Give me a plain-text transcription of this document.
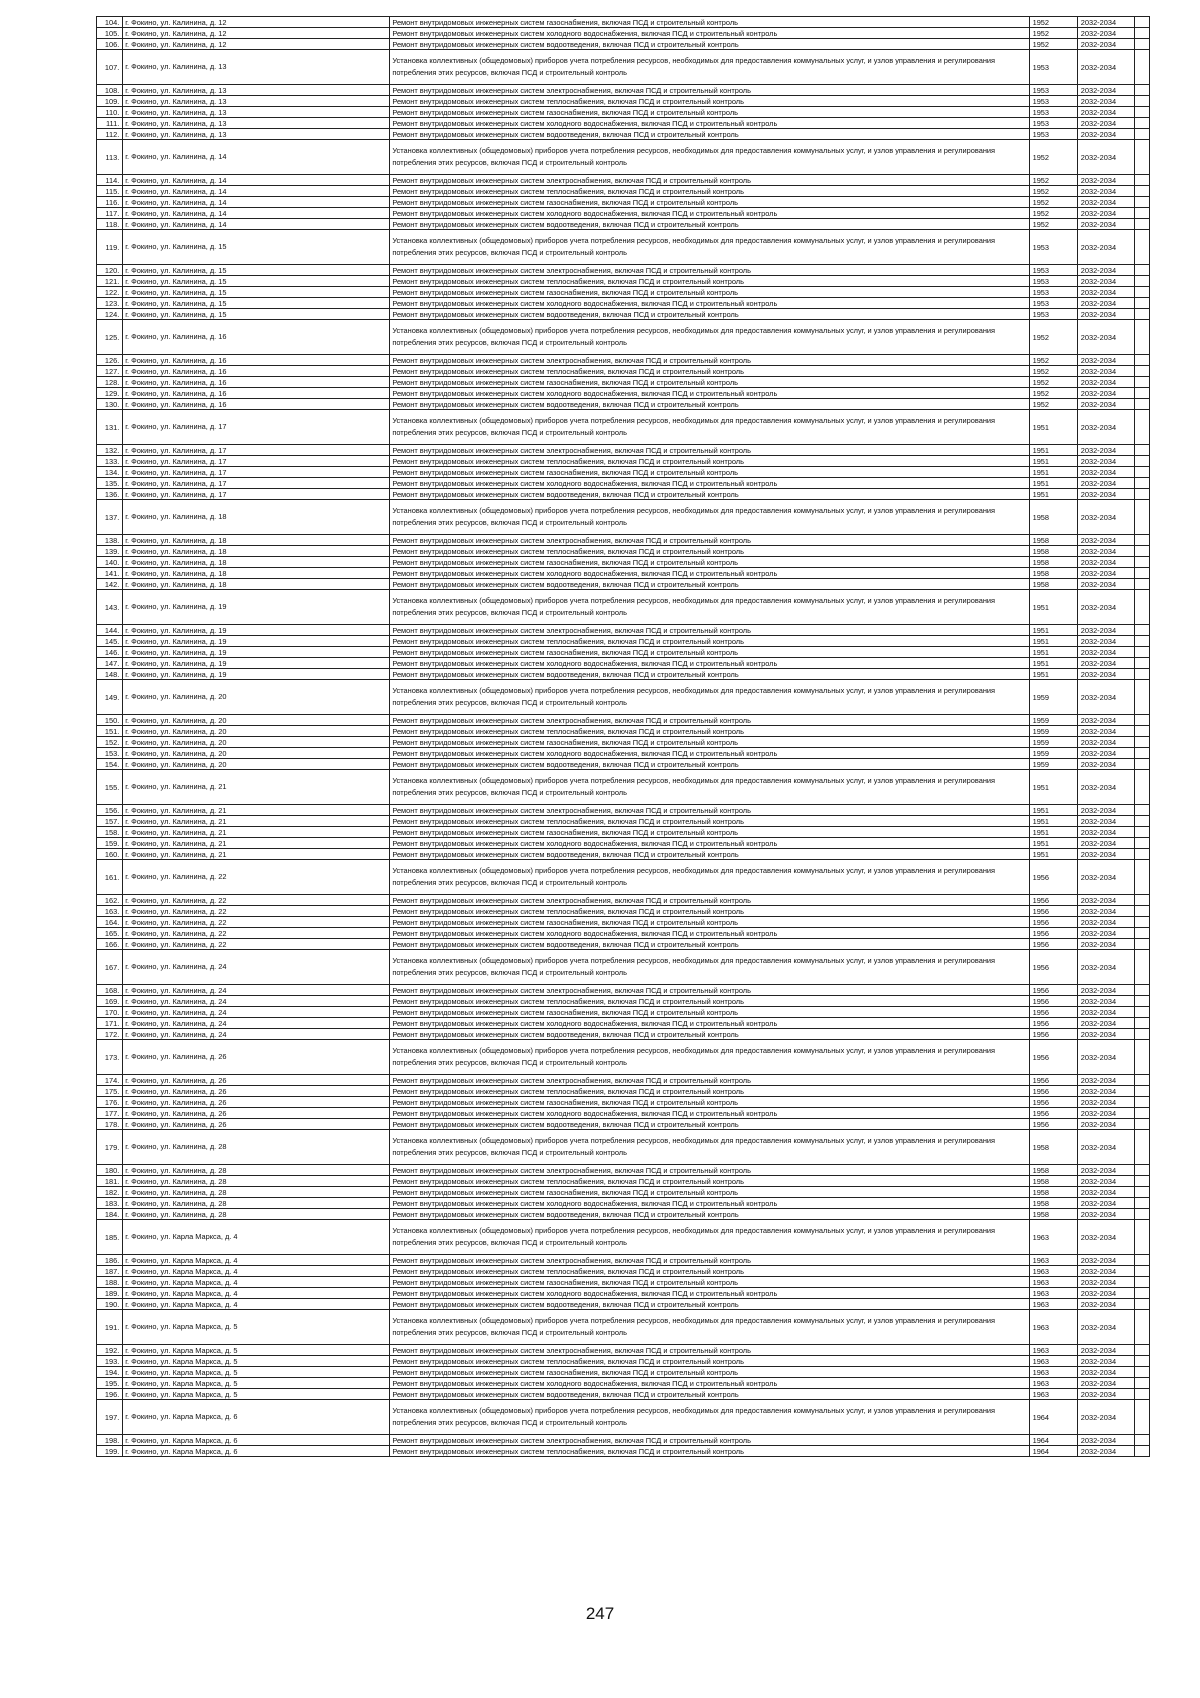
104.	г. Фокино, ул. Калинина, д. 12	Ремонт внутридомовых инженерных систем газоснабжения, включая ПСД и строительный контроль	1952	2032-2034	
105.	г. Фокино, ул. Калинина, д. 12	Ремонт внутридомовых инженерных систем холодного водоснабжения, включая ПСД и строительный контроль	1952	2032-2034	
106.	г. Фокино, ул. Калинина, д. 12	Ремонт внутридомовых инженерных систем водоотведения, включая ПСД и строительный контроль	1952	2032-2034	
107.	г. Фокино, ул. Калинина, д. 13	Установка коллективных (общедомовых) приборов учета потребления ресурсов, необходимых для предоставления коммунальных услуг, и узлов управления и регулирования потребления этих ресурсов, включая ПСД и строительный контроль	1953	2032-2034	
108.	г. Фокино, ул. Калинина, д. 13	Ремонт внутридомовых инженерных систем электроснабжения, включая ПСД и строительный контроль	1953	2032-2034	
109.	г. Фокино, ул. Калинина, д. 13	Ремонт внутридомовых инженерных систем теплоснабжения, включая ПСД и строительный контроль	1953	2032-2034	
110.	г. Фокино, ул. Калинина, д. 13	Ремонт внутридомовых инженерных систем газоснабжения, включая ПСД и строительный контроль	1953	2032-2034	
111.	г. Фокино, ул. Калинина, д. 13	Ремонт внутридомовых инженерных систем холодного водоснабжения, включая ПСД и строительный контроль	1953	2032-2034	
112.	г. Фокино, ул. Калинина, д. 13	Ремонт внутридомовых инженерных систем водоотведения, включая ПСД и строительный контроль	1953	2032-2034	
113.	г. Фокино, ул. Калинина, д. 14	Установка коллективных (общедомовых) приборов учета потребления ресурсов, необходимых для предоставления коммунальных услуг, и узлов управления и регулирования потребления этих ресурсов, включая ПСД и строительный контроль	1952	2032-2034	
114.	г. Фокино, ул. Калинина, д. 14	Ремонт внутридомовых инженерных систем электроснабжения, включая ПСД и строительный контроль	1952	2032-2034	
115.	г. Фокино, ул. Калинина, д. 14	Ремонт внутридомовых инженерных систем теплоснабжения, включая ПСД и строительный контроль	1952	2032-2034	
116.	г. Фокино, ул. Калинина, д. 14	Ремонт внутридомовых инженерных систем газоснабжения, включая ПСД и строительный контроль	1952	2032-2034	
117.	г. Фокино, ул. Калинина, д. 14	Ремонт внутридомовых инженерных систем холодного водоснабжения, включая ПСД и строительный контроль	1952	2032-2034	
118.	г. Фокино, ул. Калинина, д. 14	Ремонт внутридомовых инженерных систем водоотведения, включая ПСД и строительный контроль	1952	2032-2034	
119.	г. Фокино, ул. Калинина, д. 15	Установка коллективных (общедомовых) приборов учета потребления ресурсов, необходимых для предоставления коммунальных услуг, и узлов управления и регулирования потребления этих ресурсов, включая ПСД и строительный контроль	1953	2032-2034	
120.	г. Фокино, ул. Калинина, д. 15	Ремонт внутридомовых инженерных систем электроснабжения, включая ПСД и строительный контроль	1953	2032-2034	
121.	г. Фокино, ул. Калинина, д. 15	Ремонт внутридомовых инженерных систем теплоснабжения, включая ПСД и строительный контроль	1953	2032-2034	
122.	г. Фокино, ул. Калинина, д. 15	Ремонт внутридомовых инженерных систем газоснабжения, включая ПСД и строительный контроль	1953	2032-2034	
123.	г. Фокино, ул. Калинина, д. 15	Ремонт внутридомовых инженерных систем холодного водоснабжения, включая ПСД и строительный контроль	1953	2032-2034	
124.	г. Фокино, ул. Калинина, д. 15	Ремонт внутридомовых инженерных систем водоотведения, включая ПСД и строительный контроль	1953	2032-2034	
125.	г. Фокино, ул. Калинина, д. 16	Установка коллективных (общедомовых) приборов учета потребления ресурсов, необходимых для предоставления коммунальных услуг, и узлов управления и регулирования потребления этих ресурсов, включая ПСД и строительный контроль	1952	2032-2034	
126.	г. Фокино, ул. Калинина, д. 16	Ремонт внутридомовых инженерных систем электроснабжения, включая ПСД и строительный контроль	1952	2032-2034	
127.	г. Фокино, ул. Калинина, д. 16	Ремонт внутридомовых инженерных систем теплоснабжения, включая ПСД и строительный контроль	1952	2032-2034	
128.	г. Фокино, ул. Калинина, д. 16	Ремонт внутридомовых инженерных систем газоснабжения, включая ПСД и строительный контроль	1952	2032-2034	
129.	г. Фокино, ул. Калинина, д. 16	Ремонт внутридомовых инженерных систем холодного водоснабжения, включая ПСД и строительный контроль	1952	2032-2034	
130.	г. Фокино, ул. Калинина, д. 16	Ремонт внутридомовых инженерных систем водоотведения, включая ПСД и строительный контроль	1952	2032-2034	
131.	г. Фокино, ул. Калинина, д. 17	Установка коллективных (общедомовых) приборов учета потребления ресурсов, необходимых для предоставления коммунальных услуг, и узлов управления и регулирования потребления этих ресурсов, включая ПСД и строительный контроль	1951	2032-2034	
132.	г. Фокино, ул. Калинина, д. 17	Ремонт внутридомовых инженерных систем электроснабжения, включая ПСД и строительный контроль	1951	2032-2034	
133.	г. Фокино, ул. Калинина, д. 17	Ремонт внутридомовых инженерных систем теплоснабжения, включая ПСД и строительный контроль	1951	2032-2034	
134.	г. Фокино, ул. Калинина, д. 17	Ремонт внутридомовых инженерных систем газоснабжения, включая ПСД и строительный контроль	1951	2032-2034	
135.	г. Фокино, ул. Калинина, д. 17	Ремонт внутридомовых инженерных систем холодного водоснабжения, включая ПСД и строительный контроль	1951	2032-2034	
136.	г. Фокино, ул. Калинина, д. 17	Ремонт внутридомовых инженерных систем водоотведения, включая ПСД и строительный контроль	1951	2032-2034	
137.	г. Фокино, ул. Калинина, д. 18	Установка коллективных (общедомовых) приборов учета потребления ресурсов, необходимых для предоставления коммунальных услуг, и узлов управления и регулирования потребления этих ресурсов, включая ПСД и строительный контроль	1958	2032-2034	
138.	г. Фокино, ул. Калинина, д. 18	Ремонт внутридомовых инженерных систем электроснабжения, включая ПСД и строительный контроль	1958	2032-2034	
139.	г. Фокино, ул. Калинина, д. 18	Ремонт внутридомовых инженерных систем теплоснабжения, включая ПСД и строительный контроль	1958	2032-2034	
140.	г. Фокино, ул. Калинина, д. 18	Ремонт внутридомовых инженерных систем газоснабжения, включая ПСД и строительный контроль	1958	2032-2034	
141.	г. Фокино, ул. Калинина, д. 18	Ремонт внутридомовых инженерных систем холодного водоснабжения, включая ПСД и строительный контроль	1958	2032-2034	
142.	г. Фокино, ул. Калинина, д. 18	Ремонт внутридомовых инженерных систем водоотведения, включая ПСД и строительный контроль	1958	2032-2034	
143.	г. Фокино, ул. Калинина, д. 19	Установка коллективных (общедомовых) приборов учета потребления ресурсов, необходимых для предоставления коммунальных услуг, и узлов управления и регулирования потребления этих ресурсов, включая ПСД и строительный контроль	1951	2032-2034	
144.	г. Фокино, ул. Калинина, д. 19	Ремонт внутридомовых инженерных систем электроснабжения, включая ПСД и строительный контроль	1951	2032-2034	
145.	г. Фокино, ул. Калинина, д. 19	Ремонт внутридомовых инженерных систем теплоснабжения, включая ПСД и строительный контроль	1951	2032-2034	
146.	г. Фокино, ул. Калинина, д. 19	Ремонт внутридомовых инженерных систем газоснабжения, включая ПСД и строительный контроль	1951	2032-2034	
147.	г. Фокино, ул. Калинина, д. 19	Ремонт внутридомовых инженерных систем холодного водоснабжения, включая ПСД и строительный контроль	1951	2032-2034	
148.	г. Фокино, ул. Калинина, д. 19	Ремонт внутридомовых инженерных систем водоотведения, включая ПСД и строительный контроль	1951	2032-2034	
149.	г. Фокино, ул. Калинина, д. 20	Установка коллективных (общедомовых) приборов учета потребления ресурсов, необходимых для предоставления коммунальных услуг, и узлов управления и регулирования потребления этих ресурсов, включая ПСД и строительный контроль	1959	2032-2034	
150.	г. Фокино, ул. Калинина, д. 20	Ремонт внутридомовых инженерных систем электроснабжения, включая ПСД и строительный контроль	1959	2032-2034	
151.	г. Фокино, ул. Калинина, д. 20	Ремонт внутридомовых инженерных систем теплоснабжения, включая ПСД и строительный контроль	1959	2032-2034	
152.	г. Фокино, ул. Калинина, д. 20	Ремонт внутридомовых инженерных систем газоснабжения, включая ПСД и строительный контроль	1959	2032-2034	
153.	г. Фокино, ул. Калинина, д. 20	Ремонт внутридомовых инженерных систем холодного водоснабжения, включая ПСД и строительный контроль	1959	2032-2034	
154.	г. Фокино, ул. Калинина, д. 20	Ремонт внутридомовых инженерных систем водоотведения, включая ПСД и строительный контроль	1959	2032-2034	
155.	г. Фокино, ул. Калинина, д. 21	Установка коллективных (общедомовых) приборов учета потребления ресурсов, необходимых для предоставления коммунальных услуг, и узлов управления и регулирования потребления этих ресурсов, включая ПСД и строительный контроль	1951	2032-2034	
156.	г. Фокино, ул. Калинина, д. 21	Ремонт внутридомовых инженерных систем электроснабжения, включая ПСД и строительный контроль	1951	2032-2034	
157.	г. Фокино, ул. Калинина, д. 21	Ремонт внутридомовых инженерных систем теплоснабжения, включая ПСД и строительный контроль	1951	2032-2034	
158.	г. Фокино, ул. Калинина, д. 21	Ремонт внутридомовых инженерных систем газоснабжения, включая ПСД и строительный контроль	1951	2032-2034	
159.	г. Фокино, ул. Калинина, д. 21	Ремонт внутридомовых инженерных систем холодного водоснабжения, включая ПСД и строительный контроль	1951	2032-2034	
160.	г. Фокино, ул. Калинина, д. 21	Ремонт внутридомовых инженерных систем водоотведения, включая ПСД и строительный контроль	1951	2032-2034	
161.	г. Фокино, ул. Калинина, д. 22	Установка коллективных (общедомовых) приборов учета потребления ресурсов, необходимых для предоставления коммунальных услуг, и узлов управления и регулирования потребления этих ресурсов, включая ПСД и строительный контроль	1956	2032-2034	
162.	г. Фокино, ул. Калинина, д. 22	Ремонт внутридомовых инженерных систем электроснабжения, включая ПСД и строительный контроль	1956	2032-2034	
163.	г. Фокино, ул. Калинина, д. 22	Ремонт внутридомовых инженерных систем теплоснабжения, включая ПСД и строительный контроль	1956	2032-2034	
164.	г. Фокино, ул. Калинина, д. 22	Ремонт внутридомовых инженерных систем газоснабжения, включая ПСД и строительный контроль	1956	2032-2034	
165.	г. Фокино, ул. Калинина, д. 22	Ремонт внутридомовых инженерных систем холодного водоснабжения, включая ПСД и строительный контроль	1956	2032-2034	
166.	г. Фокино, ул. Калинина, д. 22	Ремонт внутридомовых инженерных систем водоотведения, включая ПСД и строительный контроль	1956	2032-2034	
167.	г. Фокино, ул. Калинина, д. 24	Установка коллективных (общедомовых) приборов учета потребления ресурсов, необходимых для предоставления коммунальных услуг, и узлов управления и регулирования потребления этих ресурсов, включая ПСД и строительный контроль	1956	2032-2034	
168.	г. Фокино, ул. Калинина, д. 24	Ремонт внутридомовых инженерных систем электроснабжения, включая ПСД и строительный контроль	1956	2032-2034	
169.	г. Фокино, ул. Калинина, д. 24	Ремонт внутридомовых инженерных систем теплоснабжения, включая ПСД и строительный контроль	1956	2032-2034	
170.	г. Фокино, ул. Калинина, д. 24	Ремонт внутридомовых инженерных систем газоснабжения, включая ПСД и строительный контроль	1956	2032-2034	
171.	г. Фокино, ул. Калинина, д. 24	Ремонт внутридомовых инженерных систем холодного водоснабжения, включая ПСД и строительный контроль	1956	2032-2034	
172.	г. Фокино, ул. Калинина, д. 24	Ремонт внутридомовых инженерных систем водоотведения, включая ПСД и строительный контроль	1956	2032-2034	
173.	г. Фокино, ул. Калинина, д. 26	Установка коллективных (общедомовых) приборов учета потребления ресурсов, необходимых для предоставления коммунальных услуг, и узлов управления и регулирования потребления этих ресурсов, включая ПСД и строительный контроль	1956	2032-2034	
174.	г. Фокино, ул. Калинина, д. 26	Ремонт внутридомовых инженерных систем электроснабжения, включая ПСД и строительный контроль	1956	2032-2034	
175.	г. Фокино, ул. Калинина, д. 26	Ремонт внутридомовых инженерных систем теплоснабжения, включая ПСД и строительный контроль	1956	2032-2034	
176.	г. Фокино, ул. Калинина, д. 26	Ремонт внутридомовых инженерных систем газоснабжения, включая ПСД и строительный контроль	1956	2032-2034	
177.	г. Фокино, ул. Калинина, д. 26	Ремонт внутридомовых инженерных систем холодного водоснабжения, включая ПСД и строительный контроль	1956	2032-2034	
178.	г. Фокино, ул. Калинина, д. 26	Ремонт внутридомовых инженерных систем водоотведения, включая ПСД и строительный контроль	1956	2032-2034	
179.	г. Фокино, ул. Калинина, д. 28	Установка коллективных (общедомовых) приборов учета потребления ресурсов, необходимых для предоставления коммунальных услуг, и узлов управления и регулирования потребления этих ресурсов, включая ПСД и строительный контроль	1958	2032-2034	
180.	г. Фокино, ул. Калинина, д. 28	Ремонт внутридомовых инженерных систем электроснабжения, включая ПСД и строительный контроль	1958	2032-2034	
181.	г. Фокино, ул. Калинина, д. 28	Ремонт внутридомовых инженерных систем теплоснабжения, включая ПСД и строительный контроль	1958	2032-2034	
182.	г. Фокино, ул. Калинина, д. 28	Ремонт внутридомовых инженерных систем газоснабжения, включая ПСД и строительный контроль	1958	2032-2034	
183.	г. Фокино, ул. Калинина, д. 28	Ремонт внутридомовых инженерных систем холодного водоснабжения, включая ПСД и строительный контроль	1958	2032-2034	
184.	г. Фокино, ул. Калинина, д. 28	Ремонт внутридомовых инженерных систем водоотведения, включая ПСД и строительный контроль	1958	2032-2034	
185.	г. Фокино, ул. Карла Маркса, д. 4	Установка коллективных (общедомовых) приборов учета потребления ресурсов, необходимых для предоставления коммунальных услуг, и узлов управления и регулирования потребления этих ресурсов, включая ПСД и строительный контроль	1963	2032-2034	
186.	г. Фокино, ул. Карла Маркса, д. 4	Ремонт внутридомовых инженерных систем электроснабжения, включая ПСД и строительный контроль	1963	2032-2034	
187.	г. Фокино, ул. Карла Маркса, д. 4	Ремонт внутридомовых инженерных систем теплоснабжения, включая ПСД и строительный контроль	1963	2032-2034	
188.	г. Фокино, ул. Карла Маркса, д. 4	Ремонт внутридомовых инженерных систем газоснабжения, включая ПСД и строительный контроль	1963	2032-2034	
189.	г. Фокино, ул. Карла Маркса, д. 4	Ремонт внутридомовых инженерных систем холодного водоснабжения, включая ПСД и строительный контроль	1963	2032-2034	
190.	г. Фокино, ул. Карла Маркса, д. 4	Ремонт внутридомовых инженерных систем водоотведения, включая ПСД и строительный контроль	1963	2032-2034	
191.	г. Фокино, ул. Карла Маркса, д. 5	Установка коллективных (общедомовых) приборов учета потребления ресурсов, необходимых для предоставления коммунальных услуг, и узлов управления и регулирования потребления этих ресурсов, включая ПСД и строительный контроль	1963	2032-2034	
192.	г. Фокино, ул. Карла Маркса, д. 5	Ремонт внутридомовых инженерных систем электроснабжения, включая ПСД и строительный контроль	1963	2032-2034	
193.	г. Фокино, ул. Карла Маркса, д. 5	Ремонт внутридомовых инженерных систем теплоснабжения, включая ПСД и строительный контроль	1963	2032-2034	
194.	г. Фокино, ул. Карла Маркса, д. 5	Ремонт внутридомовых инженерных систем газоснабжения, включая ПСД и строительный контроль	1963	2032-2034	
195.	г. Фокино, ул. Карла Маркса, д. 5	Ремонт внутридомовых инженерных систем холодного водоснабжения, включая ПСД и строительный контроль	1963	2032-2034	
196.	г. Фокино, ул. Карла Маркса, д. 5	Ремонт внутридомовых инженерных систем водоотведения, включая ПСД и строительный контроль	1963	2032-2034	
197.	г. Фокино, ул. Карла Маркса, д. 6	Установка коллективных (общедомовых) приборов учета потребления ресурсов, необходимых для предоставления коммунальных услуг, и узлов управления и регулирования потребления этих ресурсов, включая ПСД и строительный контроль	1964	2032-2034	
198.	г. Фокино, ул. Карла Маркса, д. 6	Ремонт внутридомовых инженерных систем электроснабжения, включая ПСД и строительный контроль	1964	2032-2034	
199.	г. Фокино, ул. Карла Маркса, д. 6	Ремонт внутридомовых инженерных систем теплоснабжения, включая ПСД и строительный контроль	1964	2032-2034	
247
